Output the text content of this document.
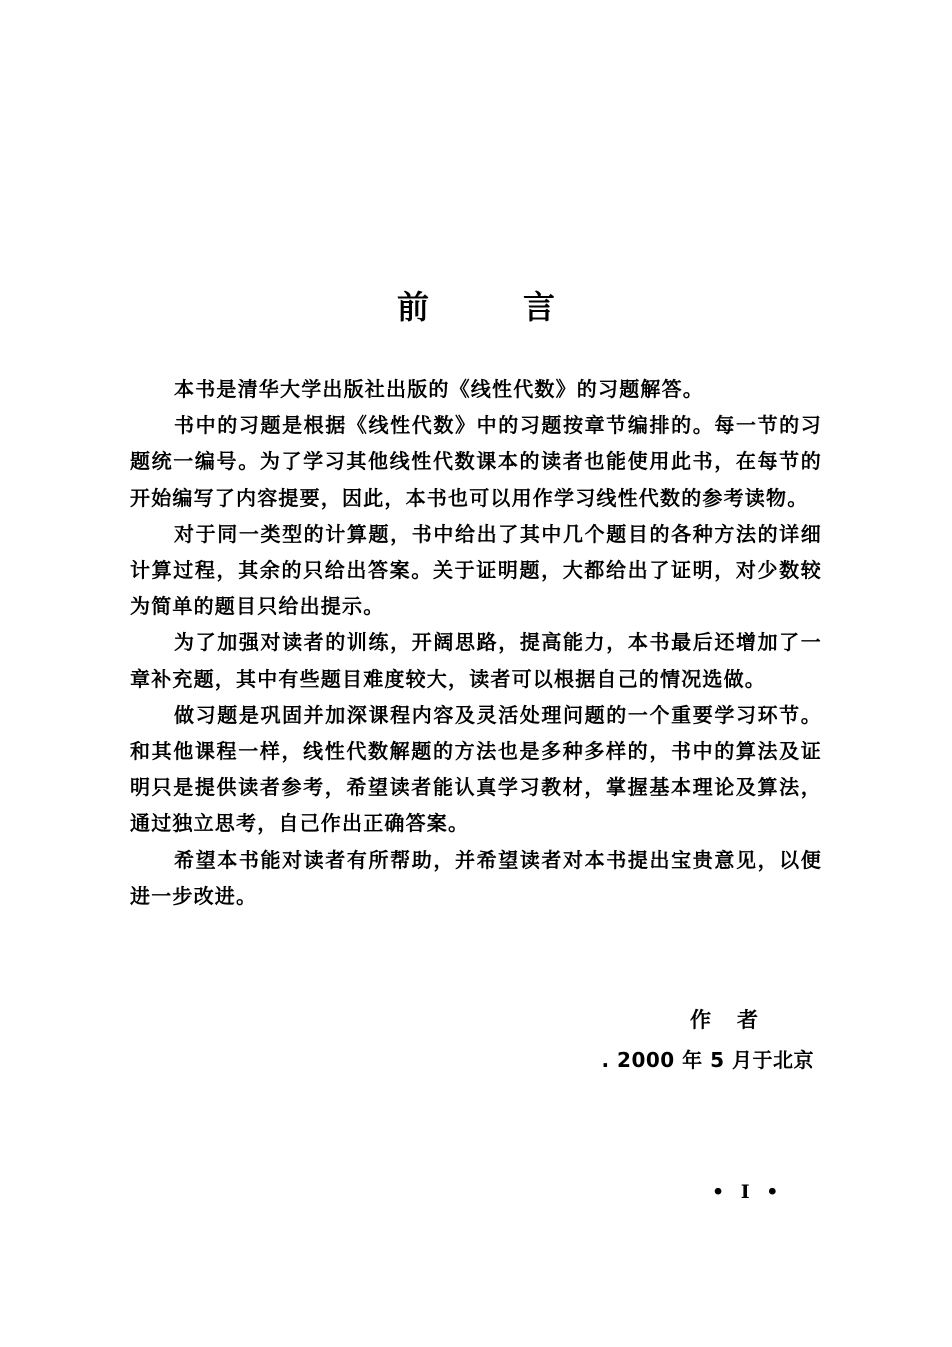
前言

本书是清华大学出版社出版的《线性代数》的习题解答。

书中的习题是根据《线性代数》中的习题按章节编排的。每一节的习题统一编号。为了学习其他线性代数课本的读者也能使用此书，在每节的开始编写了内容提要，因此，本书也可以用作学习线性代数的参考读物。

对于同一类型的计算题，书中给出了其中几个题目的各种方法的详细计算过程，其余的只给出答案。关于证明题，大都给出了证明，对少数较为简单的题目只给出提示。

为了加强对读者的训练，开阔思路，提高能力，本书最后还增加了一章补充题，其中有些题目难度较大，读者可以根据自己的情况选做。

做习题是巩固并加深课程内容及灵活处理问题的一个重要学习环节。和其他课程一样，线性代数解题的方法也是多种多样的，书中的算法及证明只是提供读者参考，希望读者能认真学习教材，掌握基本理论及算法，通过独立思考，自己作出正确答案。

希望本书能对读者有所帮助，并希望读者对本书提出宝贵意见，以便进一步改进。

作者
. 2000 年 5 月于北京
• I •
